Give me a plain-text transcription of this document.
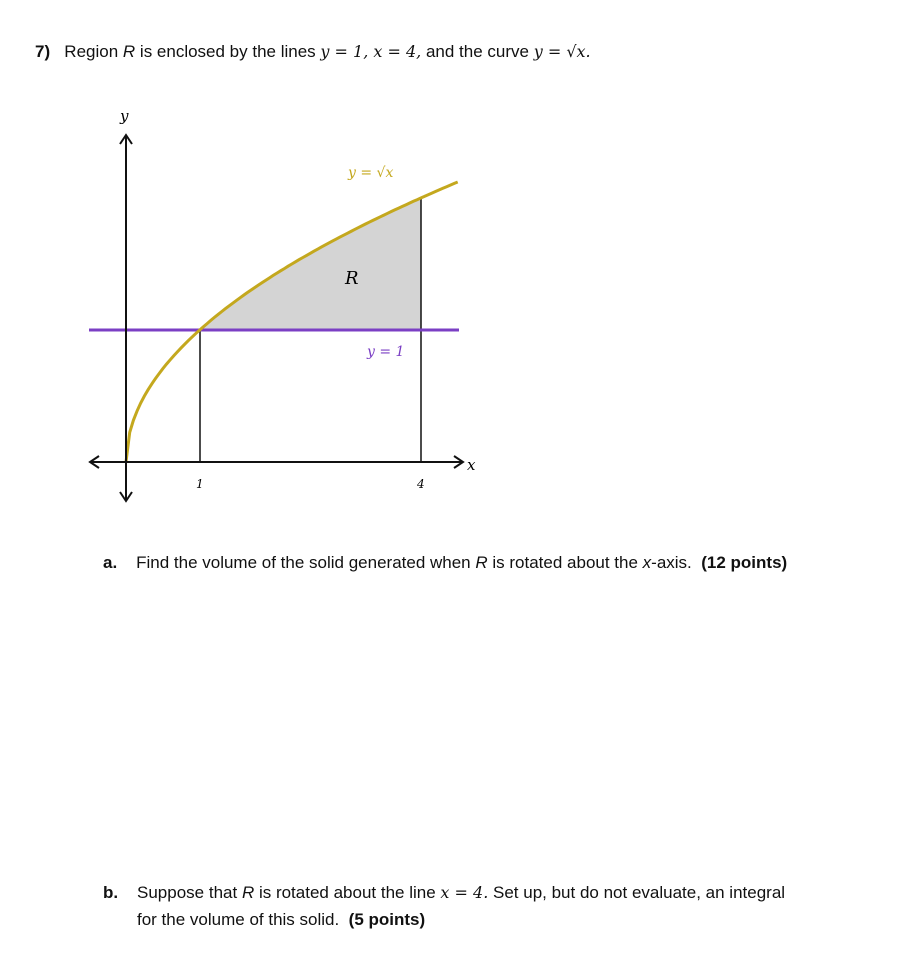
7) Region R is enclosed by the lines y = 1, x = 4, and the curve y = √x.
y
x
y = √x
y = 1
R
1	4
a. Find the volume of the solid generated when R is rotated about the x-axis. (12 points)
b. Suppose that R is rotated about the line x = 4. Set up, but do not evaluate, an integral
for the volume of this solid. (5 points)
